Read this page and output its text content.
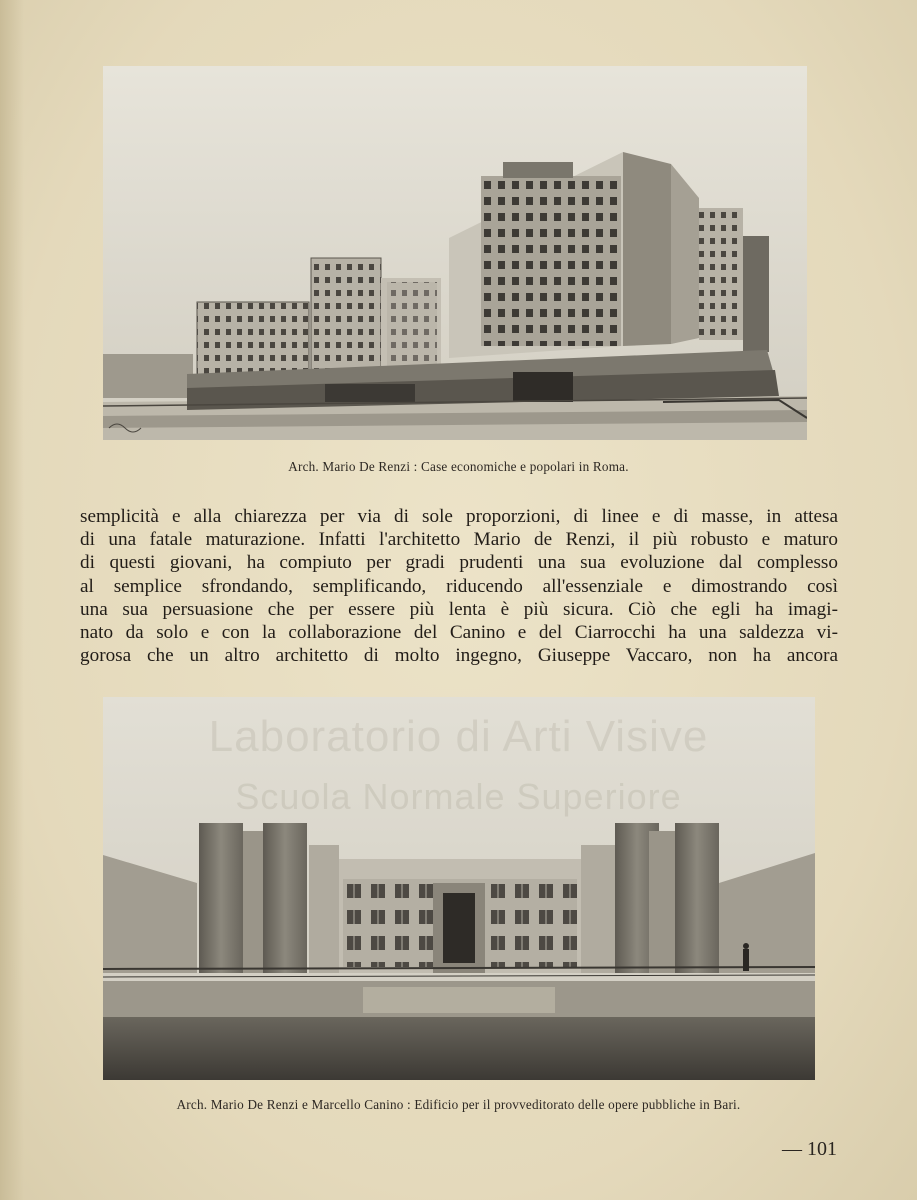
Arch. Mario De Renzi : Case economiche e popolari in Roma.
semplicità e alla chiarezza per via di sole proporzioni, di linee e di masse, in attesa
di una fatale maturazione. Infatti l'architetto Mario de Renzi, il più robusto e maturo
di questi giovani, ha compiuto per gradi prudenti una sua evoluzione dal complesso
al semplice sfrondando, semplificando, riducendo all'essenziale e dimostrando così
una sua persuasione che per essere più lenta è più sicura. Ciò che egli ha imagi-
nato da solo e con la collaborazione del Canino e del Ciarrocchi ha una saldezza vi-
gorosa che un altro architetto di molto ingegno, Giuseppe Vaccaro, non ha ancora
Arch. Mario De Renzi e Marcello Canino : Edificio per il provveditorato delle opere pubbliche in Bari.
— 101
